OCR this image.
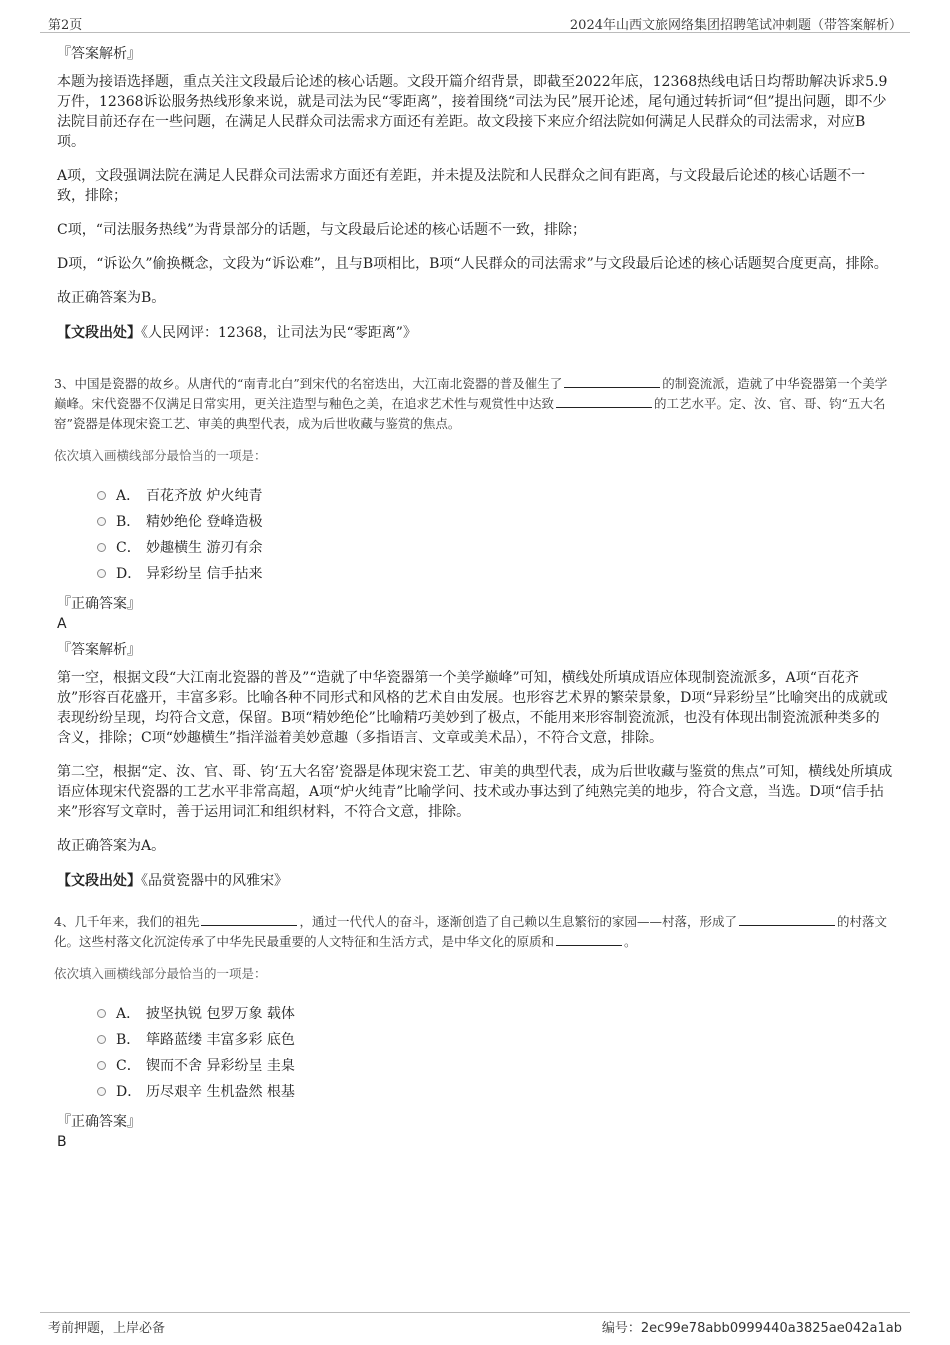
第2页	2024年山西文旅网络集团招聘笔试冲刺题（带答案解析）
『答案解析』

本题为接语选择题，重点关注文段最后论述的核心话题。文段开篇介绍背景，即截至2022年底，12368热线电话日均帮助解决诉求5.9万件，12368诉讼服务热线形象来说，就是司法为民“零距离”，接着围绕“司法为民”展开论述，尾句通过转折词“但”提出问题，即不少法院目前还存在一些问题，在满足人民群众司法需求方面还有差距。故文段接下来应介绍法院如何满足人民群众的司法需求，对应B项。

A项，文段强调法院在满足人民群众司法需求方面还有差距，并未提及法院和人民群众之间有距离，与文段最后论述的核心话题不一致，排除；

C项，“司法服务热线”为背景部分的话题，与文段最后论述的核心话题不一致，排除；

D项，“诉讼久”偷换概念，文段为“诉讼难”，且与B项相比，B项“人民群众的司法需求”与文段最后论述的核心话题契合度更高，排除。

故正确答案为B。

【文段出处】《人民网评：12368，让司法为民“零距离”》

3、中国是瓷器的故乡。从唐代的“南青北白”到宋代的名窑迭出，大江南北瓷器的普及催生了	的制瓷流派，造就了中华瓷器第一个美学巅峰。宋代瓷器不仅满足日常实用，更关注造型与釉色之美，在追求艺术性与观赏性中达致	的工艺水平。定、汝、官、哥、钧“五大名窑”瓷器是体现宋瓷工艺、审美的典型代表，成为后世收藏与鉴赏的焦点。

依次填入画横线部分最恰当的一项是：

A． 百花齐放 炉火纯青
B． 精妙绝伦 登峰造极
C． 妙趣横生 游刃有余
D． 异彩纷呈 信手拈来
『正确答案』
A
『答案解析』

第一空，根据文段“大江南北瓷器的普及”“造就了中华瓷器第一个美学巅峰”可知，横线处所填成语应体现制瓷流派多，A项“百花齐放”形容百花盛开，丰富多彩。比喻各种不同形式和风格的艺术自由发展。也形容艺术界的繁荣景象，D项“异彩纷呈”比喻突出的成就或表现纷纷呈现，均符合文意，保留。B项“精妙绝伦”比喻精巧美妙到了极点，不能用来形容制瓷流派，也没有体现出制瓷流派种类多的含义，排除；C项“妙趣横生”指洋溢着美妙意趣（多指语言、文章或美术品），不符合文意，排除。

第二空，根据“定、汝、官、哥、钧‘五大名窑’瓷器是体现宋瓷工艺、审美的典型代表，成为后世收藏与鉴赏的焦点”可知，横线处所填成语应体现宋代瓷器的工艺水平非常高超，A项“炉火纯青”比喻学问、技术或办事达到了纯熟完美的地步，符合文意，当选。D项“信手拈来”形容写文章时，善于运用词汇和组织材料，不符合文意，排除。

故正确答案为A。

【文段出处】《品赏瓷器中的风雅宋》

4、几千年来，我们的祖先	，通过一代代人的奋斗，逐渐创造了自己赖以生息繁衍的家园——村落，形成了	的村落文化。这些村落文化沉淀传承了中华先民最重要的人文特征和生活方式，是中华文化的原质和	。

依次填入画横线部分最恰当的一项是：

A． 披坚执锐 包罗万象 载体
B． 筚路蓝缕 丰富多彩 底色
C． 锲而不舍 异彩纷呈 圭臬
D． 历尽艰辛 生机盎然 根基
『正确答案』
B
考前押题，上岸必备	编号：2ec99e78abb0999440a3825ae042a1ab
